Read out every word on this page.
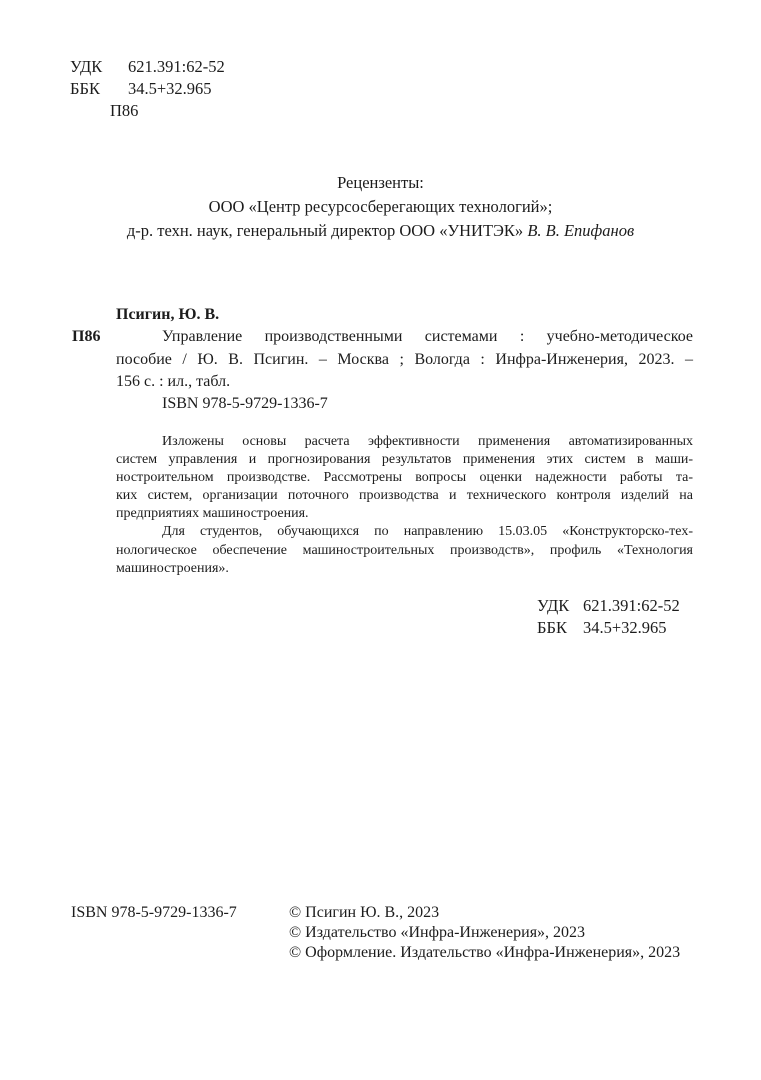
УДК	621.391:62-52
ББК	34.5+32.965
П86
Рецензенты:
ООО «Центр ресурсосберегающих технологий»;
д-р. техн. наук, генеральный директор ООО «УНИТЭК» В. В. Епифанов
П86
Псигин, Ю. В.
Управление производственными системами : учебно-методическое
пособие / Ю. В. Псигин. – Москва ; Вологда : Инфра-Инженерия, 2023. –
156 с. : ил., табл.
ISBN 978-5-9729-1336-7
Изложены основы расчета эффективности применения автоматизированных
систем управления и прогнозирования результатов применения этих систем в маши-
ностроительном производстве. Рассмотрены вопросы оценки надежности работы та-
ких систем, организации поточного производства и технического контроля изделий на
предприятиях машиностроения.
Для студентов, обучающихся по направлению 15.03.05 «Конструкторско-тех-
нологическое обеспечение машиностроительных производств», профиль «Технология
машиностроения».
УДК 621.391:62-52
ББК 34.5+32.965
ISBN 978-5-9729-1336-7	© Псигин Ю. В., 2023
© Издательство «Инфра-Инженерия», 2023
© Оформление. Издательство «Инфра-Инженерия», 2023
